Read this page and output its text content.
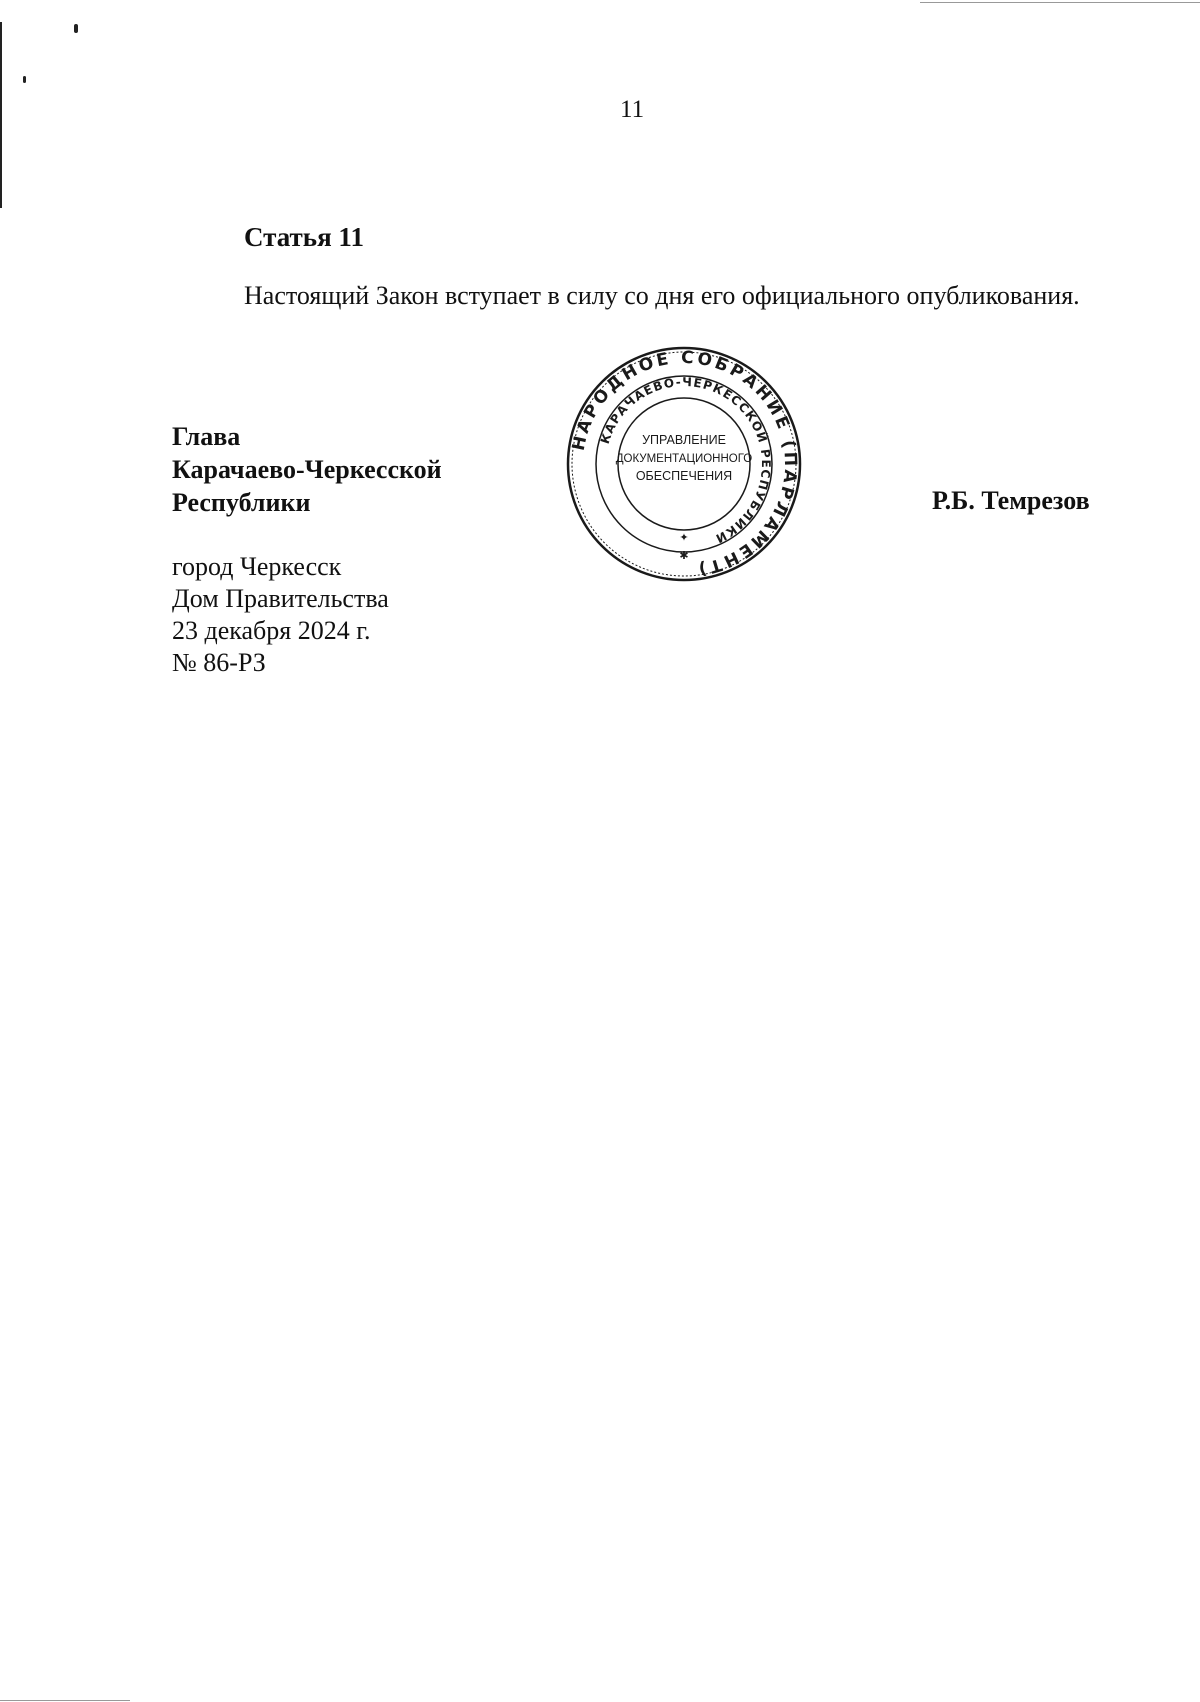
11
Статья 11
Настоящий Закон вступает в силу со дня его официального опубликования.
Глава
Карачаево-Черкесской
Республики
НАРОДНОЕ СОБРАНИЕ (ПАРЛАМЕНТ)
КАРАЧАЕВО-ЧЕРКЕССКОЙ РЕСПУБЛИКИ
УПРАВЛЕНИЕ
ДОКУМЕНТАЦИОННОГО
ОБЕСПЕЧЕНИЯ
✦
✱
Р.Б. Темрезов
город Черкесск
Дом Правительства
23 декабря 2024 г.
№ 86-РЗ
